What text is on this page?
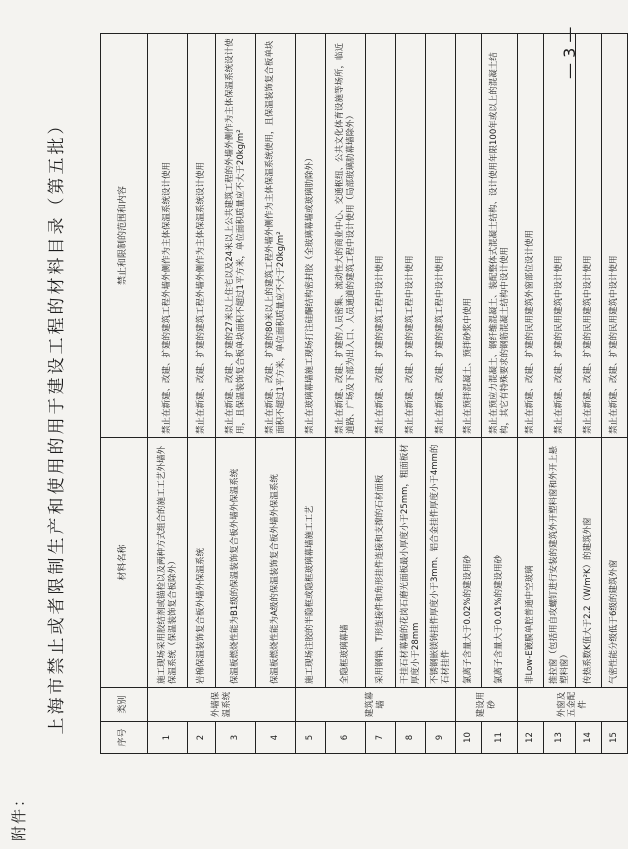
附件：
上海市禁止或者限制生产和使用的用于建设工程的材料目录（第五批）
序号	类别	材料名称	禁止和限制的范围和内容
1	外墙保温系统	施工现场采用胶结剂或锚栓以及两种方式组合的施工工艺外墙外保温系统（保温装饰复合板除外）	禁止在新建、改建、扩建的建筑工程外墙外侧作为主体保温系统设计使用
2		岩棉保温装饰复合板外墙外保温系统	禁止在新建、改建、扩建的建筑工程外墙外侧作为主体保温系统设计使用
3		保温板燃烧性能为B1级的保温装饰复合板外墙外保温系统	禁止在新建、改建、扩建的27米以上住宅以及24米以上公共建筑工程的外墙外侧作为主体保温系统设计使用，且保温装饰复合板单块面积不超过1平方米，单位面积质量应不大于20kg/m²
4		保温板燃烧性能为A级的保温装饰复合板外墙外保温系统	禁止在新建、改建、扩建的80米以上的建筑工程外墙外侧作为主体保温系统使用，且保温装饰复合板单块面积不超过1平方米，单位面积质量应不大于20kg/m²
5	建筑幕墙	施工现场注胶的半隐框或隐框玻璃幕墙施工工艺	禁止在玻璃幕墙施工现场打注硅酮结构密封胶（全玻璃幕墙或玻璃肋除外）
6		全隐框玻璃幕墙	禁止在新建、改建、扩建的人员密集、流动性大的商业中心、交通枢纽、公共文化体育设施等场所，临近道路、广场及下部为出入口、人员通道的建筑工程中设计使用（局部玻璃肋幕墙除外）
7		采用钢销、T形连接件和角形挂件连接和支撑的石材面板	禁止在新建、改建、扩建的建筑工程中设计使用
8		干挂石材幕墙的花岗石磨光面板最小厚度小于25mm，粗面板材厚度小于28mm	禁止在新建、改建、扩建的建筑工程中设计使用
9		不锈钢嵌镁铸挂件厚度小于3mm、铝合金挂件厚度小于4mm的石材挂件	禁止在新建、改建、扩建的建筑工程中设计使用
10	建设用砂	氯离子含量大于0.02%的建设用砂	禁止在预拌混凝土、预拌砂浆中使用
11		氯离子含量大于0.01%的建设用砂	禁止在预应力混凝土、钢纤维混凝土、装配整体式混凝土结构、设计使用年限100年或以上的混凝土结构，其它有特殊要求的钢筋混凝土结构中设计使用
12	外窗及五金配件	非Low-E镀膜单腔普通中空玻璃	禁止在新建、改建、扩建的民用建筑外窗部位设计使用
13		推拉窗（包括用自攻螺钉进行安装的建筑外开塑料窗和外开上悬塑料窗）	禁止在新建、改建、扩建的民用建筑中设计使用
14		传热系数K值大于2.2（W/m²K）的建筑外窗	禁止在新建、改建、扩建的民用建筑中设计使用
15		气密性能分级低于6级的建筑外窗	禁止在新建、改建、扩建的民用建筑中设计使用
— 3 —
